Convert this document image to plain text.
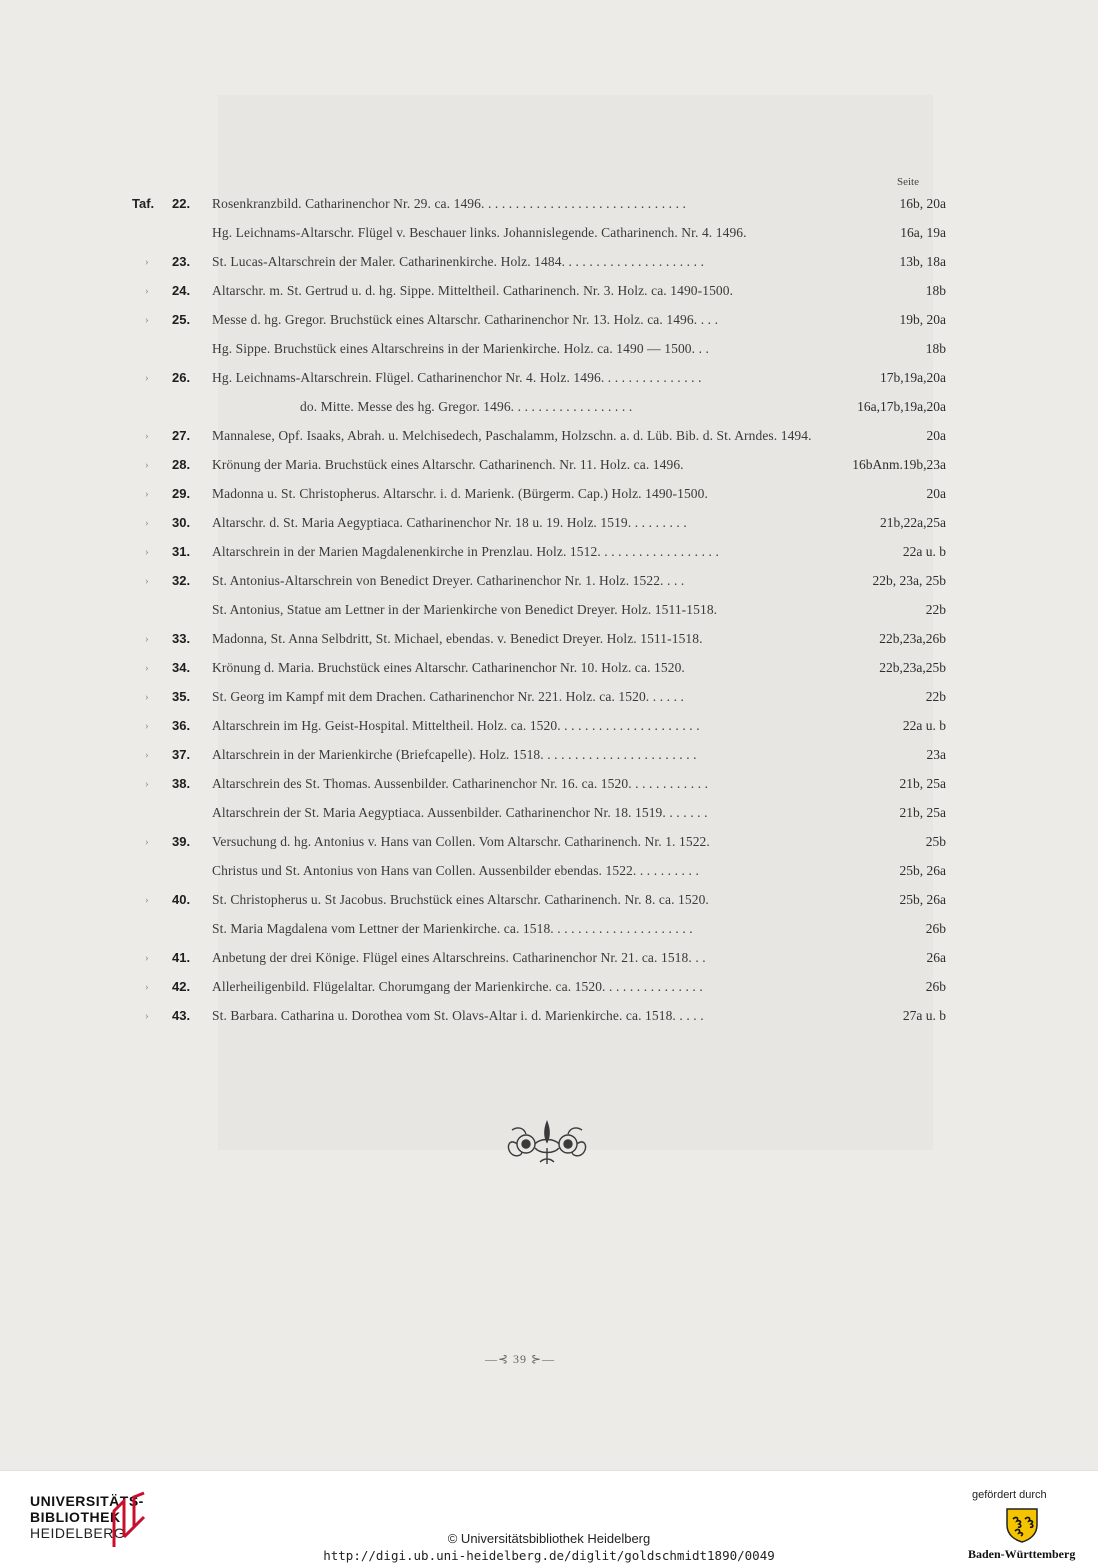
Seite
Taf. 22. Rosenkranzbild. Catharinenchor Nr. 29. ca. 1496. . . . . . . . . . . . . . . . . . . . . . . . . . . . . .	16b, 20a
Hg. Leichnams-Altarschr. Flügel v. Beschauer links. Johannislegende. Catharinench. Nr. 4. 1496.	16a, 19a
› 23. St. Lucas-Altarschrein der Maler. Catharinenkirche. Holz. 1484. . . . . . . . . . . . . . . . . . . . .	13b, 18a
› 24. Altarschr. m. St. Gertrud u. d. hg. Sippe. Mitteltheil. Catharinench. Nr. 3. Holz. ca. 1490-1500.	18b
› 25. Messe d. hg. Gregor. Bruchstück eines Altarschr. Catharinenchor Nr. 13. Holz. ca. 1496. . . .	19b, 20a
Hg. Sippe. Bruchstück eines Altarschreins in der Marienkirche. Holz. ca. 1490 — 1500. . .	18b
› 26. Hg. Leichnams-Altarschrein. Flügel. Catharinenchor Nr. 4. Holz. 1496. . . . . . . . . . . . . . .	17b,19a,20a
do. Mitte. Messe des hg. Gregor. 1496. . . . . . . . . . . . . . . . . .	16a,17b,19a,20a
› 27. Mannalese, Opf. Isaaks, Abrah. u. Melchisedech, Paschalamm, Holzschn. a. d. Lüb. Bib. d. St. Arndes. 1494.	20a
› 28. Krönung der Maria. Bruchstück eines Altarschr. Catharinench. Nr. 11. Holz. ca. 1496.	16bAnm.19b,23a
› 29. Madonna u. St. Christopherus. Altarschr. i. d. Marienk. (Bürgerm. Cap.) Holz. 1490-1500.	20a
› 30. Altarschr. d. St. Maria Aegyptiaca. Catharinenchor Nr. 18 u. 19. Holz. 1519. . . . . . . . .	21b,22a,25a
› 31. Altarschrein in der Marien Magdalenenkirche in Prenzlau. Holz. 1512. . . . . . . . . . . . . . . . . .	22a u. b
› 32. St. Antonius-Altarschrein von Benedict Dreyer. Catharinenchor Nr. 1. Holz. 1522. . . .	22b, 23a, 25b
St. Antonius, Statue am Lettner in der Marienkirche von Benedict Dreyer. Holz. 1511-1518.	22b
› 33. Madonna, St. Anna Selbdritt, St. Michael, ebendas. v. Benedict Dreyer. Holz. 1511-1518.	22b,23a,26b
› 34. Krönung d. Maria. Bruchstück eines Altarschr. Catharinenchor Nr. 10. Holz. ca. 1520.	22b,23a,25b
› 35. St. Georg im Kampf mit dem Drachen. Catharinenchor Nr. 221. Holz. ca. 1520. . . . . .	22b
› 36. Altarschrein im Hg. Geist-Hospital. Mitteltheil. Holz. ca. 1520. . . . . . . . . . . . . . . . . . . . .	22a u. b
› 37. Altarschrein in der Marienkirche (Briefcapelle). Holz. 1518. . . . . . . . . . . . . . . . . . . . . . .	23a
› 38. Altarschrein des St. Thomas. Aussenbilder. Catharinenchor Nr. 16. ca. 1520. . . . . . . . . . . .	21b, 25a
Altarschrein der St. Maria Aegyptiaca. Aussenbilder. Catharinenchor Nr. 18. 1519. . . . . . .	21b, 25a
› 39. Versuchung d. hg. Antonius v. Hans van Collen. Vom Altarschr. Catharinench. Nr. 1. 1522.	25b
Christus und St. Antonius von Hans van Collen. Aussenbilder ebendas. 1522. . . . . . . . . .	25b, 26a
› 40. St. Christopherus u. St Jacobus. Bruchstück eines Altarschr. Catharinench. Nr. 8. ca. 1520.	25b, 26a
St. Maria Magdalena vom Lettner der Marienkirche. ca. 1518. . . . . . . . . . . . . . . . . . . . .	26b
› 41. Anbetung der drei Könige. Flügel eines Altarschreins. Catharinenchor Nr. 21. ca. 1518. . .	26a
› 42. Allerheiligenbild. Flügelaltar. Chorumgang der Marienkirche. ca. 1520. . . . . . . . . . . . . . .	26b
› 43. St. Barbara. Catharina u. Dorothea vom St. Olavs-Altar i. d. Marienkirche. ca. 1518. . . . .	27a u. b
—⊰ 39 ⊱—
UNIVERSITÄTS-
BIBLIOTHEK
HEIDELBERG	© Universitätsbibliothek Heidelberg
http://digi.ub.uni-heidelberg.de/diglit/goldschmidt1890/0049
gefördert durch
Baden-Württemberg
